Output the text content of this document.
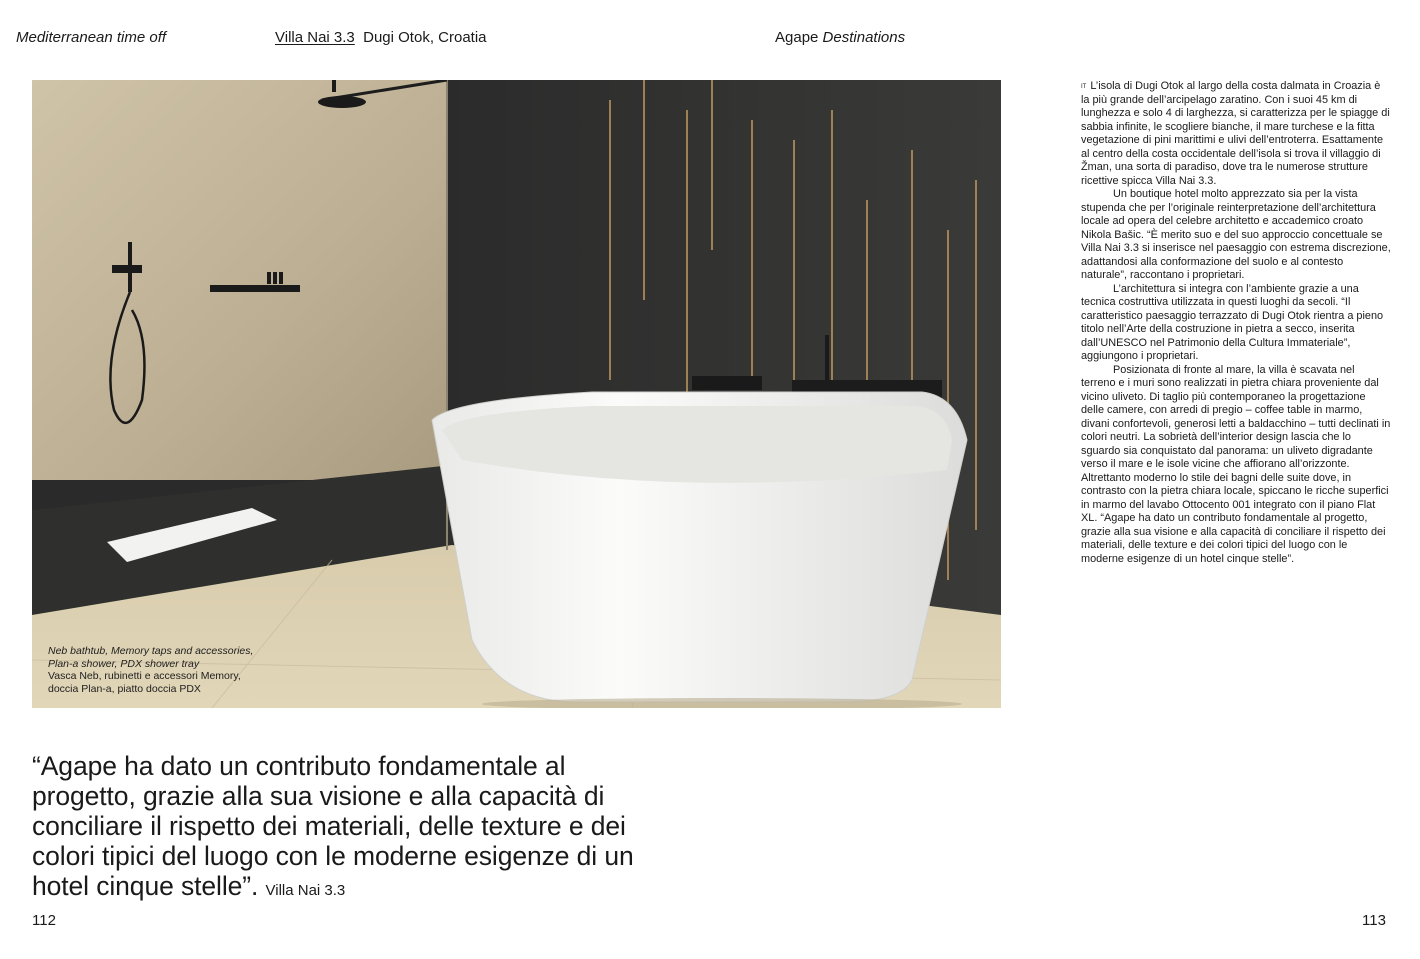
Mediterranean time off	Villa Nai 3.3 Dugi Otok, Croatia	Agape Destinations
Neb bathtub, Memory taps and accessories,
Plan-a shower, PDX shower tray
Vasca Neb, rubinetti e accessori Memory,
doccia Plan-a, piatto doccia PDX

$^{IT}$ L’isola di Dugi Otok al largo della costa dalmata in Croazia è la più grande dell’arcipelago zaratino. Con i suoi 45 km di lunghezza e solo 4 di larghezza, si caratterizza per le spiagge di sabbia infinite, le scogliere bianche, il mare turchese e la fitta vegetazione di pini marittimi e ulivi dell’entroterra. Esattamente al centro della costa occidentale dell’isola si trova il villaggio di Žman, una sorta di paradiso, dove tra le numerose strutture ricettive spicca Villa Nai 3.3.

Un boutique hotel molto apprezzato sia per la vista stupenda che per l’originale reinterpretazione dell’architettura locale ad opera del celebre architetto e accademico croato Nikola Bašic. “È merito suo e del suo approccio concettuale se Villa Nai 3.3 si inserisce nel paesaggio con estrema discrezione, adattandosi alla conformazione del suolo e al contesto naturale”, raccontano i proprietari.

L’architettura si integra con l’ambiente grazie a una tecnica costruttiva utilizzata in questi luoghi da secoli. “Il caratteristico paesaggio terrazzato di Dugi Otok rientra a pieno titolo nell’Arte della costruzione in pietra a secco, inserita dall’UNESCO nel Patrimonio della Cultura Immateriale”, aggiungono i proprietari.

Posizionata di fronte al mare, la villa è scavata nel terreno e i muri sono realizzati in pietra chiara proveniente dal vicino uliveto. Di taglio più contemporaneo la progettazione delle camere, con arredi di pregio – coffee table in marmo, divani confortevoli, generosi letti a baldacchino – tutti declinati in colori neutri. La sobrietà dell’interior design lascia che lo sguardo sia conquistato dal panorama: un uliveto digradante verso il mare e le isole vicine che affiorano all’orizzonte. Altrettanto moderno lo stile dei bagni delle suite dove, in contrasto con la pietra chiara locale, spiccano le ricche superfici in marmo del lavabo Ottocento 001 integrato con il piano Flat XL. “Agape ha dato un contributo fondamentale al progetto, grazie alla sua visione e alla capacità di conciliare il rispetto dei materiali, delle texture e dei colori tipici del luogo con le moderne esigenze di un hotel cinque stelle”.

“Agape ha dato un contributo fondamentale al progetto, grazie alla sua visione e alla capacità di conciliare il rispetto dei materiali, delle texture e dei colori tipici del luogo con le moderne esigenze di un hotel cinque stelle”. Villa Nai 3.3
112	113
